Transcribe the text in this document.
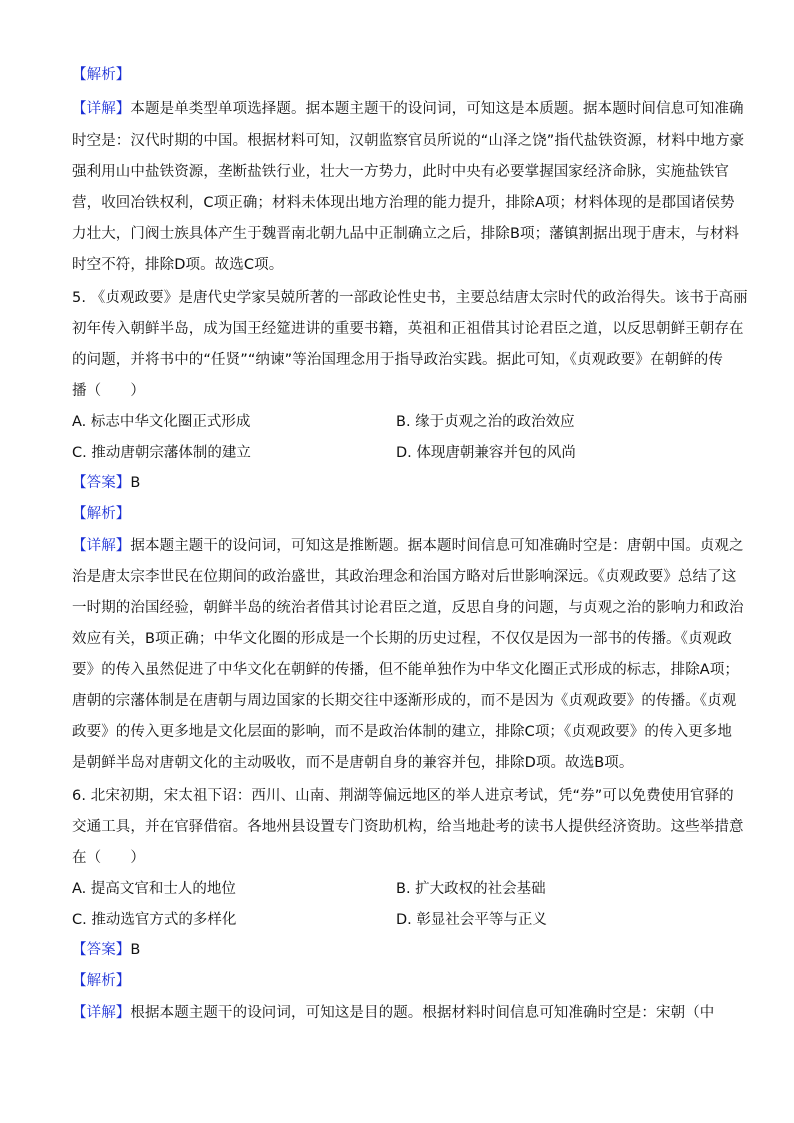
【解析】
【详解】本题是单类型单项选择题。据本题主题干的设问词，可知这是本质题。据本题时间信息可知准确
时空是：汉代时期的中国。根据材料可知，汉朝监察官员所说的“山泽之饶”指代盐铁资源，材料中地方豪
强利用山中盐铁资源，垄断盐铁行业，壮大一方势力，此时中央有必要掌握国家经济命脉，实施盐铁官
营，收回冶铁权利，C项正确；材料未体现出地方治理的能力提升，排除A项；材料体现的是郡国诸侯势
力壮大，门阀士族具体产生于魏晋南北朝九品中正制确立之后，排除B项；藩镇割据出现于唐末，与材料
时空不符，排除D项。故选C项。
5. 《贞观政要》是唐代史学家吴兢所著的一部政论性史书，主要总结唐太宗时代的政治得失。该书于高丽
初年传入朝鲜半岛，成为国王经筵进讲的重要书籍，英祖和正祖借其讨论君臣之道，以反思朝鲜王朝存在
的问题，并将书中的“任贤”“纳谏”等治国理念用于指导政治实践。据此可知，《贞观政要》在朝鲜的传
播（　　）
A. 标志中华文化圈正式形成	B. 缘于贞观之治的政治效应
C. 推动唐朝宗藩体制的建立	D. 体现唐朝兼容并包的风尚
【答案】B
【解析】
【详解】据本题主题干的设问词，可知这是推断题。据本题时间信息可知准确时空是：唐朝中国。贞观之
治是唐太宗李世民在位期间的政治盛世，其政治理念和治国方略对后世影响深远。《贞观政要》总结了这
一时期的治国经验，朝鲜半岛的统治者借其讨论君臣之道，反思自身的问题，与贞观之治的影响力和政治
效应有关，B项正确；中华文化圈的形成是一个长期的历史过程，不仅仅是因为一部书的传播。《贞观政
要》的传入虽然促进了中华文化在朝鲜的传播，但不能单独作为中华文化圈正式形成的标志，排除A项；
唐朝的宗藩体制是在唐朝与周边国家的长期交往中逐渐形成的，而不是因为《贞观政要》的传播。《贞观
政要》的传入更多地是文化层面的影响，而不是政治体制的建立，排除C项；《贞观政要》的传入更多地
是朝鲜半岛对唐朝文化的主动吸收，而不是唐朝自身的兼容并包，排除D项。故选B项。
6. 北宋初期，宋太祖下诏：西川、山南、荆湖等偏远地区的举人进京考试，凭“券”可以免费使用官驿的
交通工具，并在官驿借宿。各地州县设置专门资助机构，给当地赴考的读书人提供经济资助。这些举措意
在（　　）
A. 提高文官和士人的地位	B. 扩大政权的社会基础
C. 推动选官方式的多样化	D. 彰显社会平等与正义
【答案】B
【解析】
【详解】根据本题主题干的设问词，可知这是目的题。根据材料时间信息可知准确时空是：宋朝（中
